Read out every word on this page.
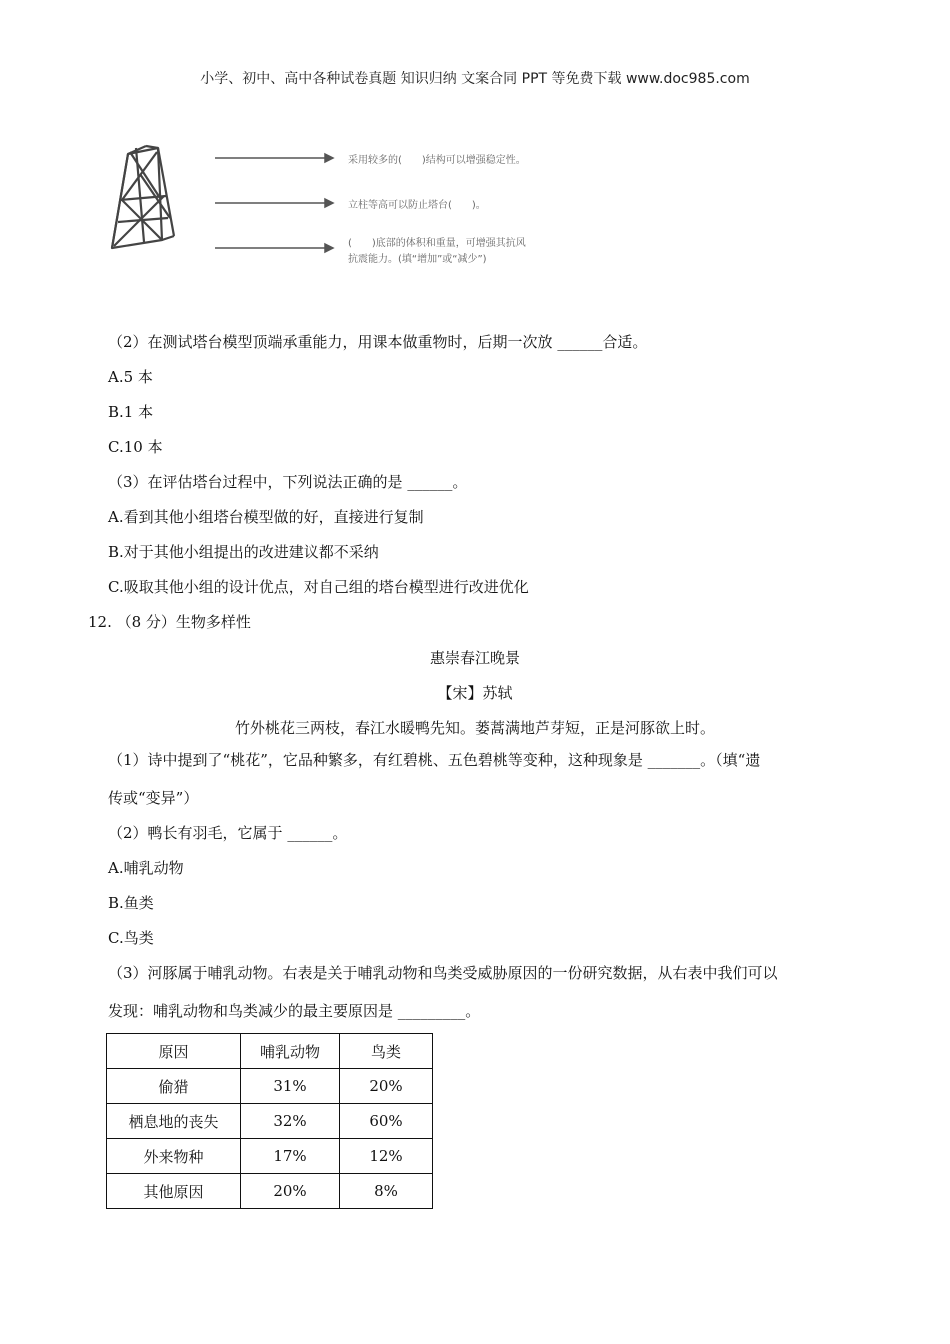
小学、初中、高中各种试卷真题 知识归纳 文案合同 PPT 等免费下载 www.doc985.com
采用较多的(　　)结构可以增强稳定性。
立柱等高可以防止塔台(　　)。
(　　)底部的体积和重量，可增强其抗风
抗震能力。(填“增加”或“减少”)
（2）在测试塔台模型顶端承重能力，用课本做重物时，后期一次放 ______合适。
A.5 本
B.1 本
C.10 本
（3）在评估塔台过程中，下列说法正确的是 ______。
A.看到其他小组塔台模型做的好，直接进行复制
B.对于其他小组提出的改进建议都不采纳
C.吸取其他小组的设计优点，对自己组的塔台模型进行改进优化
12. （8 分）生物多样性
惠崇春江晚景
【宋】苏轼
竹外桃花三两枝，春江水暖鸭先知。蒌蒿满地芦芽短，正是河豚欲上时。
（1）诗中提到了“桃花”，它品种繁多，有红碧桃、五色碧桃等变种，这种现象是 _______。（填“遗
传或“变异”）
（2）鸭长有羽毛，它属于 ______。
A.哺乳动物
B.鱼类
C.鸟类
（3）河豚属于哺乳动物。右表是关于哺乳动物和鸟类受威胁原因的一份研究数据，从右表中我们可以
发现：哺乳动物和鸟类减少的最主要原因是 _________。
原因	哺乳动物	鸟类
偷猎	31%	20%
栖息地的丧失	32%	60%
外来物种	17%	12%
其他原因	20%	8%
